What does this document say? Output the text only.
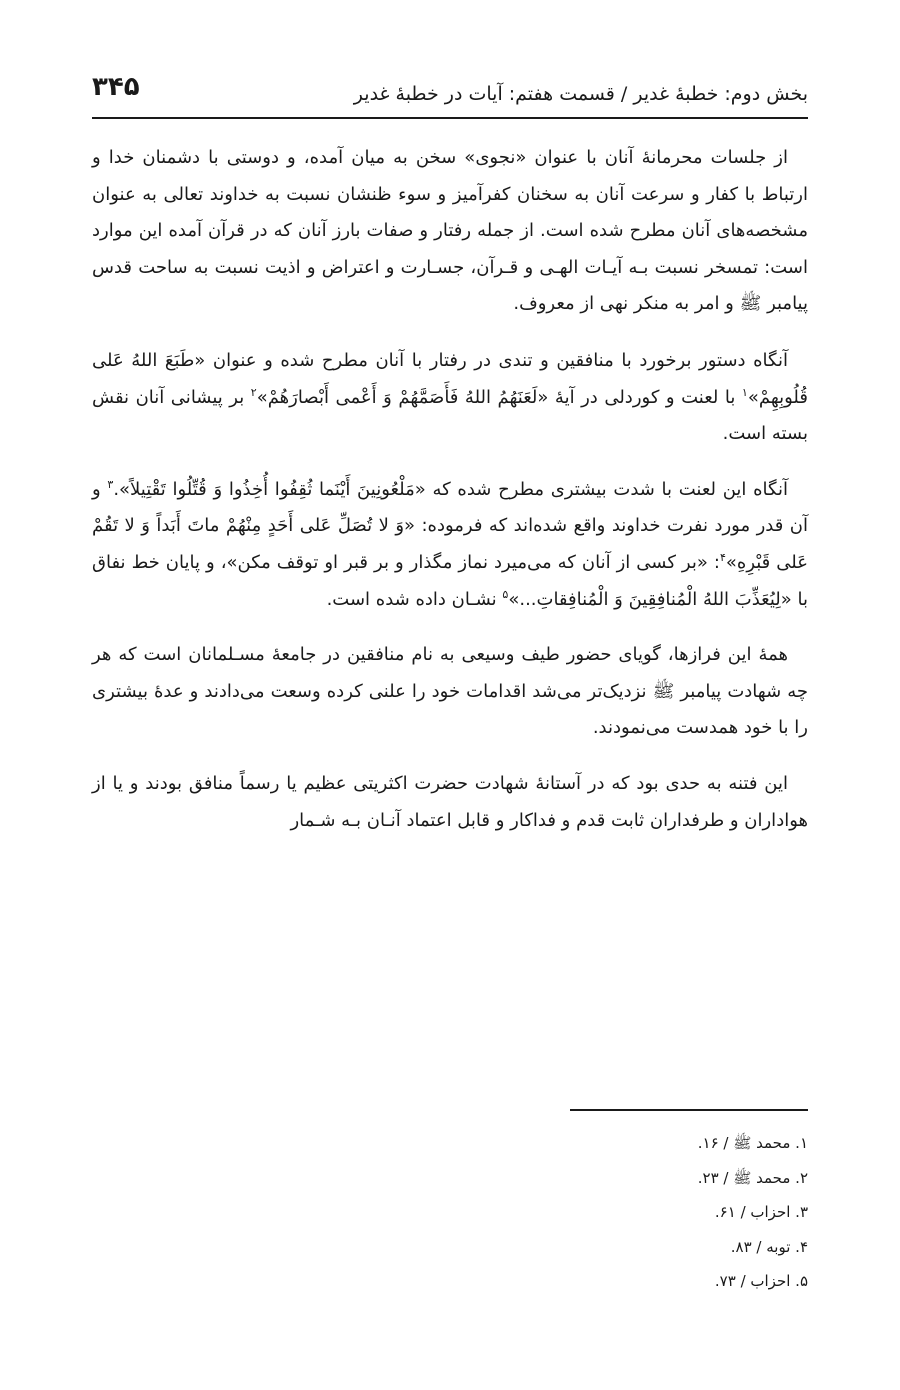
بخش دوم: خطبهٔ غدیر / قسمت هفتم: آیات در خطبهٔ غدیر
۳۴۵

از جلسات محرمانهٔ آنان با عنوان «نجوی» سخن به میان آمده، و دوستی با دشمنان خدا و ارتباط با کفار و سرعت آنان به سخنان کفرآمیز و سوء ظنشان نسبت به خداوند تعالی به عنوان مشخصه‌های آنان مطرح شده است. از جمله رفتار و صفات بارز آنان که در قرآن آمده این موارد است: تمسخر نسبت بـه آیـات الهـی و قـرآن، جسـارت و اعتراض و اذیت نسبت به ساحت قدس پیامبر ﷺ و امر به منکر نهی از معروف.

آنگاه دستور برخورد با منافقین و تندی در رفتار با آنان مطرح شده و عنوان «طَبَعَ اللهُ عَلی قُلُوبِهِمْ»$^۱$ با لعنت و کوردلی در آیهٔ «لَعَنَهُمُ اللهُ فَأَصَمَّهُمْ وَ أَعْمی أَبْصارَهُمْ»$^۲$ بر پیشانی آنان نقش بسته است.

آنگاه این لعنت با شدت بیشتری مطرح شده که «مَلْعُونِینَ أَیْنَما ثُقِفُوا أُخِذُوا وَ قُتِّلُوا تَقْتِیلاً».$^۳$ و آن قدر مورد نفرت خداوند واقع شده‌اند که فرموده: «وَ لا تُصَلِّ عَلی أَحَدٍ مِنْهُمْ ماتَ أَبَداً وَ لا تَقُمْ عَلی قَبْرِهِ»$^۴$: «بر کسی از آنان که می‌میرد نماز مگذار و بر قبر او توقف مکن»، و پایان خط نفاق با «لِیُعَذِّبَ اللهُ الْمُنافِقِینَ وَ الْمُنافِقاتِ...»$^۵$ نشـان داده شده است.

همهٔ این فرازها، گویای حضور طیف وسیعی به نام منافقین در جامعهٔ مسـلمانان است که هر چه شهادت پیامبر ﷺ نزدیک‌تر می‌شد اقدامات خود را علنی کرده وسعت می‌دادند و عدهٔ بیشتری را با خود همدست می‌نمودند.

این فتنه به حدی بود که در آستانهٔ شهادت حضرت اکثریتی عظیم یا رسماً منافق بودند و یا از هواداران و طرفداران ثابت قدم و فداکار و قابل اعتماد آنـان بـه شـمار

۱. محمد ﷺ / ۱۶.
۲. محمد ﷺ / ۲۳.
۳. احزاب / ۶۱.
۴. توبه / ۸۳.
۵. احزاب / ۷۳.
